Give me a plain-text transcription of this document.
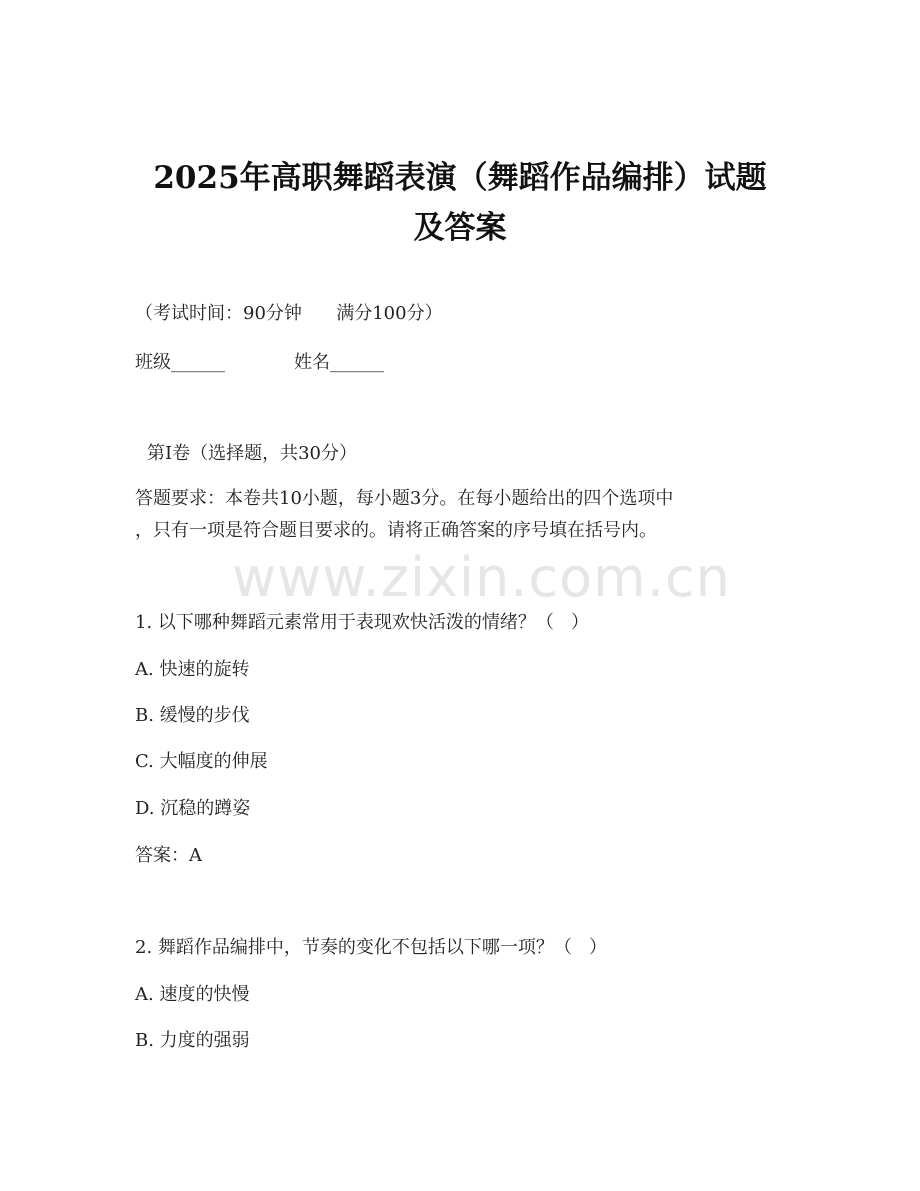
2025年高职舞蹈表演（舞蹈作品编排）试题
及答案
（考试时间：90分钟      满分100分）
班级______	姓名______
第Ⅰ卷（选择题，共30分）
答题要求：本卷共10小题，每小题3分。在每小题给出的四个选项中
，只有一项是符合题目要求的。请将正确答案的序号填在括号内。
www.zixin.com.cn
1. 以下哪种舞蹈元素常用于表现欢快活泼的情绪？（   ）
A. 快速的旋转
B. 缓慢的步伐
C. 大幅度的伸展
D. 沉稳的蹲姿
答案：A
2. 舞蹈作品编排中，节奏的变化不包括以下哪一项？（   ）
A. 速度的快慢
B. 力度的强弱
